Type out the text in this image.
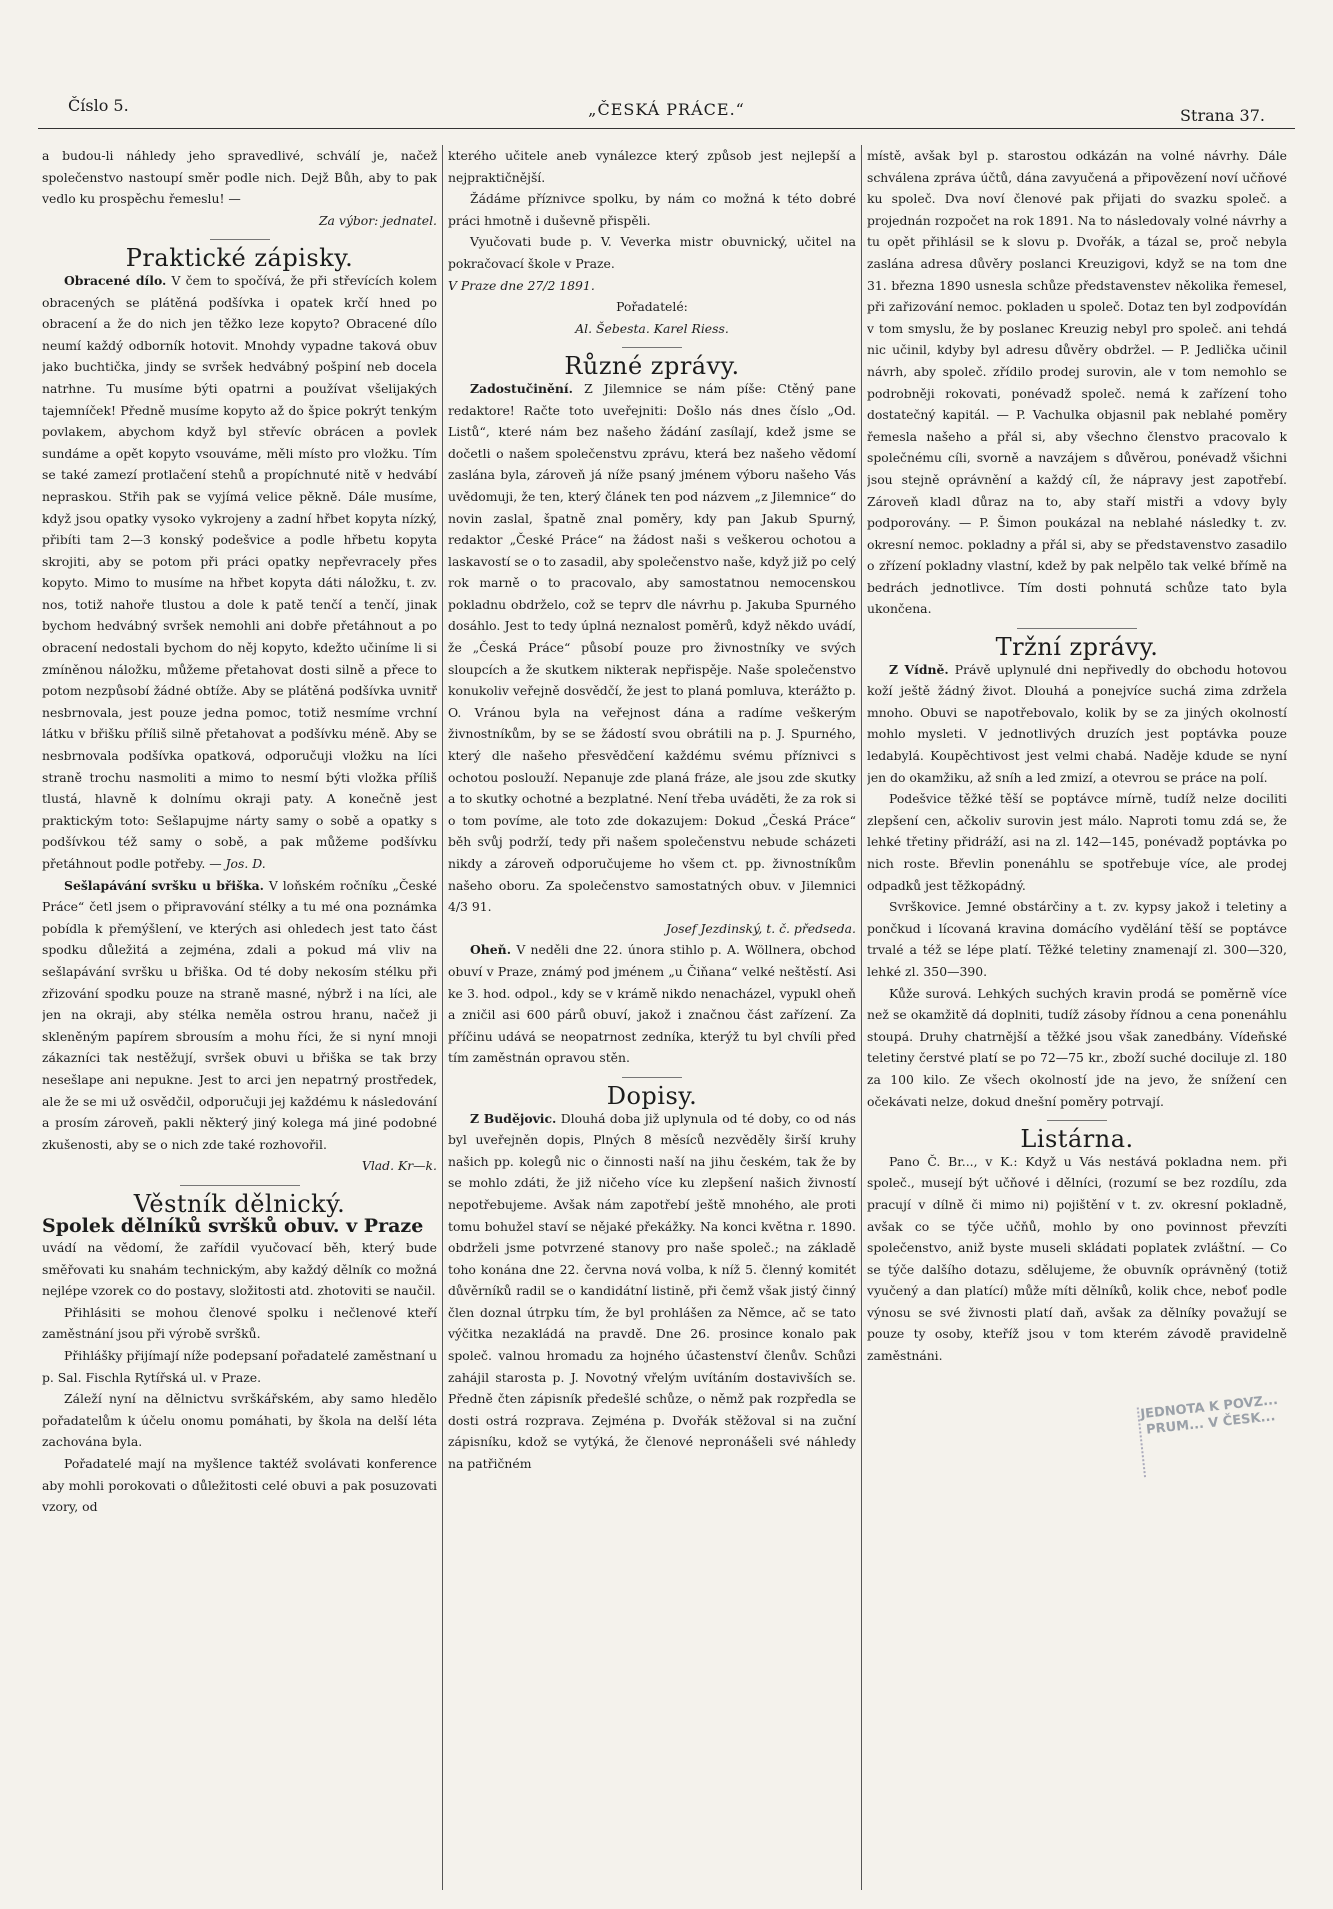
Číslo 5.	„ČESKÁ PRÁCE.“	Strana 37.

a budou-li náhledy jeho spravedlivé, schválí je, načež společenstvo nastoupí směr podle nich. Dejž Bůh, aby to pak vedlo ku prospěchu řemeslu! —

Za výbor: jednatel.
Praktické zápisky.

Obracené dílo. V čem to spočívá, že při střevících kolem obracených se plátěná podšívka i opatek krčí hned po obracení a že do nich jen těžko leze kopyto? Obracené dílo neumí každý odborník hotovit. Mnohdy vypadne taková obuv jako buchtička, jindy se svršek hedvábný pošpiní neb docela natrhne. Tu musíme býti opatrni a používat všelijakých tajemníček! Předně musíme kopyto až do špice pokrýt tenkým povlakem, abychom když byl střevíc obrácen a povlek sundáme a opět kopyto vsouváme, měli místo pro vložku. Tím se také zamezí protlačení stehů a propíchnuté nitě v hedvábí nepraskou. Střih pak se vyjímá velice pěkně. Dále musíme, když jsou opatky vysoko vykrojeny a zadní hřbet kopyta nízký, přibíti tam 2—3 konský podešvice a podle hřbetu kopyta skrojiti, aby se potom při práci opatky nepřevracely přes kopyto. Mimo to musíme na hřbet kopyta dáti náložku, t. zv. nos, totiž nahoře tlustou a dole k patě tenčí a tenčí, jinak bychom hedvábný svršek nemohli ani dobře přetáhnout a po obracení nedostali bychom do něj kopyto, kdežto učiníme li si zmíněnou náložku, můžeme přetahovat dosti silně a přece to potom nezpůsobí žádné obtíže. Aby se plátěná podšívka uvnitř nesbrnovala, jest pouze jedna pomoc, totiž nesmíme vrchní látku v břišku příliš silně přetahovat a podšívku méně. Aby se nesbrnovala podšívka opatková, odporučuji vložku na líci straně trochu nasmoliti a mimo to nesmí býti vložka příliš tlustá, hlavně k dolnímu okraji paty. A konečně jest praktickým toto: Sešlapujme nárty samy o sobě a opatky s podšívkou též samy o sobě, a pak můžeme podšívku přetáhnout podle potřeby. — Jos. D.

Sešlapávání svršku u břiška. V loňském ročníku „České Práce“ četl jsem o připravování stélky a tu mé ona poznámka pobídla k přemýšlení, ve kterých asi ohledech jest tato část spodku důležitá a zejména, zdali a pokud má vliv na sešlapávání svršku u břiška. Od té doby nekosím stélku při zřizování spodku pouze na straně masné, nýbrž i na líci, ale jen na okraji, aby stélka neměla ostrou hranu, načež ji skleněným papírem sbrousím a mohu říci, že si nyní mnoji zákazníci tak nestěžují, svršek obuvi u břiška se tak brzy nesešlape ani nepukne. Jest to arci jen nepatrný prostředek, ale že se mi už osvědčil, odporučuji jej každému k následování a prosím zároveň, pakli některý jiný kolega má jiné podobné zkušenosti, aby se o nich zde také rozhovořil.

Vlad. Kr—k.
Věstník dělnický.
Spolek dělníků svršků obuv. v Praze

uvádí na vědomí, že zařídil vyučovací běh, který bude směřovati ku snahám technickým, aby každý dělník co možná nejlépe vzorek co do postavy, složitosti atd. zhotoviti se naučil.

Přihlásiti se mohou členové spolku i nečlenové kteří zaměstnání jsou při výrobě svršků.

Přihlášky přijímají níže podepsaní pořadatelé zaměstnaní u p. Sal. Fischla Rytířská ul. v Praze.

Záleží nyní na dělnictvu svrškářském, aby samo hledělo pořadatelům k účelu onomu pomáhati, by škola na delší léta zachována byla.

Pořadatelé mají na myšlence taktéž svolávati konference aby mohli porokovati o důležitosti celé obuvi a pak posuzovati vzory, od

kterého učitele aneb vynálezce který způsob jest nejlepší a nejpraktičnější.

Žádáme příznivce spolku, by nám co možná k této dobré práci hmotně i duševně přispěli.

Vyučovati bude p. V. Veverka mistr obuvnický, učitel na pokračovací škole v Praze.

V Praze dne 27/2 1891.

Pořadatelé:

Al. Šebesta. Karel Riess.

Různé zprávy.

Zadostučinění. Z Jilemnice se nám píše: Ctěný pane redaktore! Račte toto uveřejniti: Došlo nás dnes číslo „Od. Listů“, které nám bez našeho žádání zasílají, kdež jsme se dočetli o našem společenstvu zprávu, která bez našeho vědomí zaslána byla, zároveň já níže psaný jménem výboru našeho Vás uvědomuji, že ten, který článek ten pod názvem „z Jilemnice“ do novin zaslal, špatně znal poměry, kdy pan Jakub Spurný, redaktor „České Práce“ na žádost naši s veškerou ochotou a laskavostí se o to zasadil, aby společenstvo naše, když již po celý rok marně o to pracovalo, aby samostatnou nemocenskou pokladnu obdrželo, což se teprv dle návrhu p. Jakuba Spurného dosáhlo. Jest to tedy úplná neznalost poměrů, když někdo uvádí, že „Česká Práce“ působí pouze pro živnostníky ve svých sloupcích a že skutkem nikterak nepřispěje. Naše společenstvo konukoliv veřejně dosvědčí, že jest to planá pomluva, kterážto p. O. Vránou byla na veřejnost dána a radíme veškerým živnostníkům, by se se žádostí svou obrátili na p. J. Spurného, který dle našeho přesvědčení každému svému příznivci s ochotou poslouží. Nepanuje zde planá fráze, ale jsou zde skutky a to skutky ochotné a bezplatné. Není třeba uváděti, že za rok si o tom povíme, ale toto zde dokazujem: Dokud „Česká Práce“ běh svůj podrží, tedy při našem společenstvu nebude scházeti nikdy a zároveň odporučujeme ho všem ct. pp. živnostníkům našeho oboru. Za společenstvo samostatných obuv. v Jilemnici 4/3 91.

Josef Jezdinský, t. č. předseda.

Oheň. V neděli dne 22. února stihlo p. A. Wöllnera, obchod obuví v Praze, známý pod jménem „u Čiňana“ velké neštěstí. Asi ke 3. hod. odpol., kdy se v krámě nikdo nenacházel, vypukl oheň a zničil asi 600 párů obuví, jakož i značnou část zařízení. Za příčinu udává se neopatrnost zedníka, kterýž tu byl chvíli před tím zaměstnán opravou stěn.

Dopisy.

Z Budějovic. Dlouhá doba již uplynula od té doby, co od nás byl uveřejněn dopis, Plných 8 měsíců nezvěděly širší kruhy našich pp. kolegů nic o činnosti naší na jihu českém, tak že by se mohlo zdáti, že již ničeho více ku zlepšení našich živností nepotřebujeme. Avšak nám zapotřebí ještě mnohého, ale proti tomu bohužel staví se nějaké překážky. Na konci května r. 1890. obdrželi jsme potvrzené stanovy pro naše společ.; na základě toho konána dne 22. června nová volba, k níž 5. členný komitét důvěrníků radil se o kandidátní listině, při čemž však jistý činný člen doznal útrpku tím, že byl prohlášen za Němce, ač se tato výčitka nezakládá na pravdě. Dne 26. prosince konalo pak společ. valnou hromadu za hojného účastenství členův. Schůzi zahájil starosta p. J. Novotný vřelým uvítáním dostavivších se. Předně čten zápisník předešlé schůze, o němž pak rozpředla se dosti ostrá rozprava. Zejména p. Dvořák stěžoval si na zuční zápisníku, kdož se vytýká, že členové nepronášeli své náhledy na patřičném

místě, avšak byl p. starostou odkázán na volné návrhy. Dále schválena zpráva účtů, dána zavyučená a připovězení noví učňové ku společ. Dva noví členové pak přijati do svazku společ. a projednán rozpočet na rok 1891. Na to následovaly volné návrhy a tu opět přihlásil se k slovu p. Dvořák, a tázal se, proč nebyla zaslána adresa důvěry poslanci Kreuzigovi, když se na tom dne 31. března 1890 usnesla schůze představenstev několika řemesel, při zařizování nemoc. pokladen u společ. Dotaz ten byl zodpovídán v tom smyslu, že by poslanec Kreuzig nebyl pro společ. ani tehdá nic učinil, kdyby byl adresu důvěry obdržel. — P. Jedlička učinil návrh, aby společ. zřídilo prodej surovin, ale v tom nemohlo se podrobněji rokovati, ponévadž společ. nemá k zařízení toho dostatečný kapitál. — P. Vachulka objasnil pak neblahé poměry řemesla našeho a přál si, aby všechno členstvo pracovalo k společnému cíli, svorně a navzájem s důvěrou, ponévadž všichni jsou stejně oprávnění a každý cíl, že nápravy jest zapotřebí. Zároveň kladl důraz na to, aby staří mistři a vdovy byly podporovány. — P. Šimon poukázal na neblahé následky t. zv. okresní nemoc. pokladny a přál si, aby se představenstvo zasadilo o zřízení pokladny vlastní, kdež by pak nelpělo tak velké břímě na bedrách jednotlivce. Tím dosti pohnutá schůze tato byla ukončena.

Tržní zprávy.

Z Vídně. Právě uplynulé dni nepřivedly do obchodu hotovou koží ještě žádný život. Dlouhá a ponejvíce suchá zima zdržela mnoho. Obuvi se napotřebovalo, kolik by se za jiných okolností mohlo mysleti. V jednotlivých druzích jest poptávka pouze ledabylá. Koupěchtivost jest velmi chabá. Naděje kdude se nyní jen do okamžiku, až sníh a led zmizí, a otevrou se práce na polí.

Podešvice těžké těší se poptávce mírně, tudíž nelze dociliti zlepšení cen, ačkoliv surovin jest málo. Naproti tomu zdá se, že lehké třetiny přidráží, asi na zl. 142—145, ponévadž poptávka po nich roste. Břevlin ponenáhlu se spotřebuje více, ale prodej odpadků jest těžkopádný.

Svrškovice. Jemné obstárčiny a t. zv. kypsy jakož i teletiny a pončkud i lícovaná kravina domácího vydělání těší se poptávce trvalé a též se lépe platí. Těžké teletiny znamenají zl. 300—320, lehké zl. 350—390.

Kůže surová. Lehkých suchých kravin prodá se poměrně více než se okamžitě dá doplniti, tudíž zásoby řídnou a cena ponenáhlu stoupá. Druhy chatrnější a těžké jsou však zanedbány. Vídeňské teletiny čerstvé platí se po 72—75 kr., zboží suché dociluje zl. 180 za 100 kilo. Ze všech okolností jde na jevo, že snížení cen očekávati nelze, dokud dnešní poměry potrvají.

Listárna.

Pano Č. Br..., v K.: Když u Vás nestává pokladna nem. při společ., musejí být učňové i dělníci, (rozumí se bez rozdílu, zda pracují v dílně či mimo ni) pojištění v t. zv. okresní pokladně, avšak co se týče učňů, mohlo by ono povinnost převzíti společenstvo, aniž byste museli skládati poplatek zvláštní. — Co se týče dalšího dotazu, sdělujeme, že obuvník oprávněný (totiž vyučený a dan platící) může míti dělníků, kolik chce, neboť podle výnosu se své živnosti platí daň, avšak za dělníky považují se pouze ty osoby, kteříž jsou v tom kterém závodě pravidelně zaměstnáni.

JEDNOTA K POVZ... PRUM... V ČESK...
